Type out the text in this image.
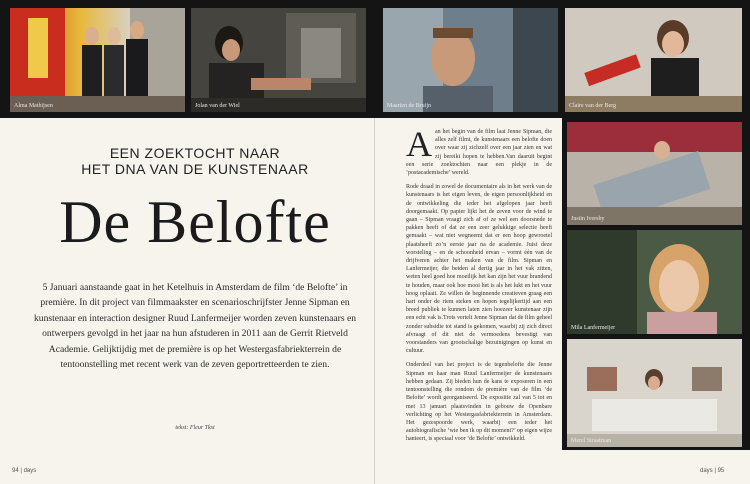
Alma Mathijsen	Jolan van der Wiel	Maarten de Bruijn	Claire van der Berg
EEN ZOEKTOCHT NAAR
HET DNA VAN DE KUNSTENAAR
De Belofte
5 Januari aanstaande gaat in het Ketelhuis in Amsterdam de film ‘de Belofte’ in première. In dit project van filmmaakster en scenarioschrijfster Jenne Sipman en kunstenaar en interaction designer Ruud Lanfermeijer worden zeven kunstenaars en ontwerpers gevolgd in het jaar na hun afstuderen in 2011 aan de Gerrit Rietveld Academie. Gelijktijdig met de première is op het Westergasfabriekterrein de tentoonstelling met recent werk van de zeven geportretteerden te zien.
tekst: Fleur Tkst

Aan het begin van de film laat Jenne Sipman, die alles zelf filmt, de kunstenaars een belofte doen over waar zij zichzelf over een jaar zien en wat zij bereikt hopen te hebben.Van daaruit begint een serie zoektochten naar een plekje in de ‘postacademische’ wereld.

Rode draad in zowel de documentaire als in het werk van de kunstenaars is het eigen leven, de eigen persoonlijkheid en de ontwikkeling die ieder het afgelopen jaar heeft doorgemaakt. Op papier lijkt het de zeven voor de wind te gaan – Sipman vraagt zich af of ze wel een doorsnede te pakken heeft of dat ze een zeer gelukkige selectie heeft gemaakt – wat niet wegneemt dat er een hoop gewroetel plaatsheeft zo’n eerste jaar na de academie. Juist deze worsteling – en de schoonheid ervan – vormt één van de drijfveren achter het maken van de film. Sipman en Lanfermeijer, die beiden al dertig jaar in het vak zitten, weten heel goed hoe moeilijk het kan zijn het vuur brandend te houden, maar ook hoe mooi het is als het lukt en het vuur hoog oplaait. Ze willen de beginnende creatieven graag een hart onder de riem steken en hopen tegelijkertijd aan een breed publiek te kunnen laten zien hoezeer kunstenaar zijn een echt vak is.Trots vertelt Jenne Sipman dat de film geheel zonder subsidie tot stand is gekomen, waarbij zij zich direct afvraagt of dit niet de vermoedens bevestigt van voorstanders van grootschalige bezuinigingen op kunst en cultuur.

Onderdeel van het project is de tegenbelofte die Jenne Sipman en haar man Ruud Lanfermeijer de kunstenaars hebben gedaan. Zij bieden hun de kans te exposeren in een tentoonstelling die rondom de première van de film ‘de Belofte’ wordt georganiseerd. De expositie zal van 5 tot en met 13 januari plaatsvinden in gebouw de Openbare verlichting op het Westergasfabriekterrein in Amsterdam. Het gezespoorde werk, waarbij een ieder het autobiografische ‘wie ben ik op dit moment?’ op eigen wijze hanteert, is speciaal voor ‘de Belofte’ ontwikkeld.

Justin Iversby
Mila Lanfermeijer
Merel Straatman
94 | days	days | 95
